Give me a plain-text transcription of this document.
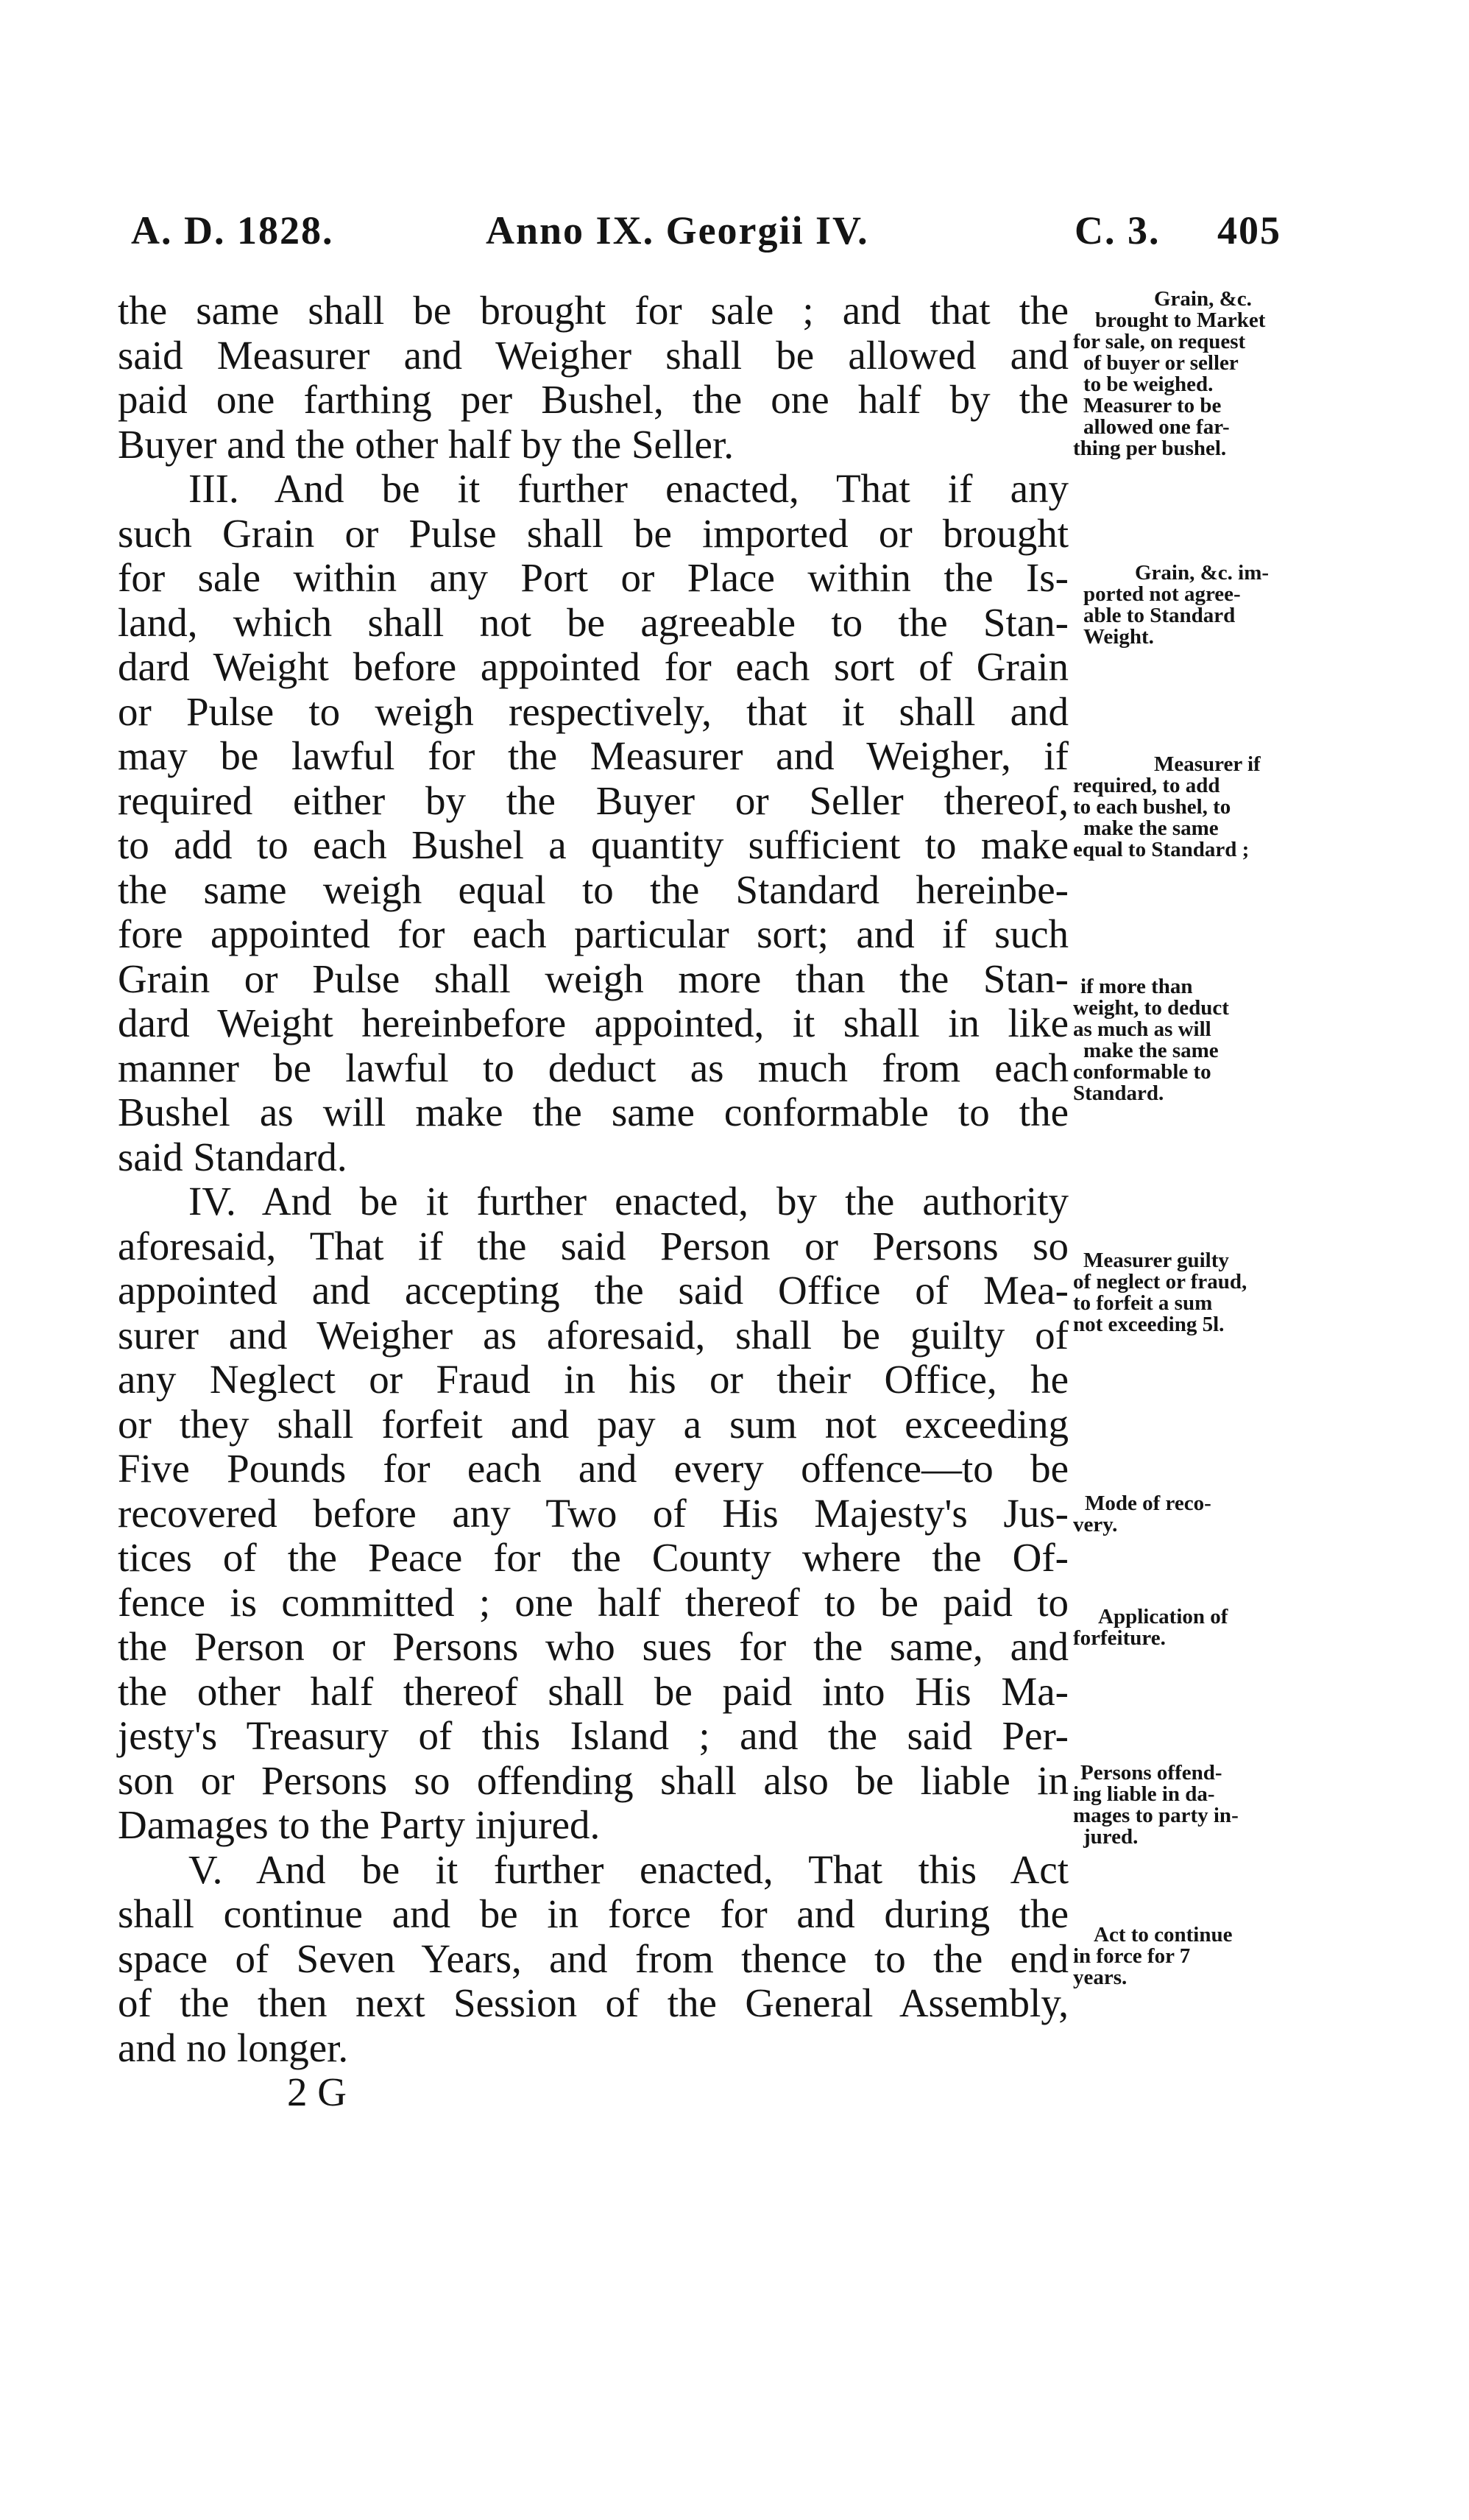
A. D. 1828.	Anno IX. Georgii IV.	C. 3. 405
the same shall be brought for sale ; and that the
said Measurer and Weigher shall be allowed and
paid one farthing per Bushel, the one half by the
Buyer and the other half by the Seller.
III. And be it further enacted, That if any
such Grain or Pulse shall be imported or brought
for sale within any Port or Place within the Is-
land, which shall not be agreeable to the Stan-
dard Weight before appointed for each sort of Grain
or Pulse to weigh respectively, that it shall and
may be lawful for the Measurer and Weigher, if
required either by the Buyer or Seller thereof,
to add to each Bushel a quantity sufficient to make
the same weigh equal to the Standard hereinbe-
fore appointed for each particular sort; and if such
Grain or Pulse shall weigh more than the Stan-
dard Weight hereinbefore appointed, it shall in like
manner be lawful to deduct as much from each
Bushel as will make the same conformable to the
said Standard.
IV. And be it further enacted, by the authority
aforesaid, That if the said Person or Persons so
appointed and accepting the said Office of Mea-
surer and Weigher as aforesaid, shall be guilty of
any Neglect or Fraud in his or their Office, he
or they shall forfeit and pay a sum not exceeding
Five Pounds for each and every offence—to be
recovered before any Two of His Majesty's Jus-
tices of the Peace for the County where the Of-
fence is committed ; one half thereof to be paid to
the Person or Persons who sues for the same, and
the other half thereof shall be paid into His Ma-
jesty's Treasury of this Island ; and the said Per-
son or Persons so offending shall also be liable in
Damages to the Party injured.
V. And be it further enacted, That this Act
shall continue and be in force for and during the
space of Seven Years, and from thence to the end
of the then next Session of the General Assembly,
and no longer.
2 G
Grain, &c.
brought to Market
for sale, on request
of buyer or seller
to be weighed.
Measurer to be
allowed one far-
thing per bushel.
Grain, &c. im-
ported not agree-
able to Standard
Weight.
Measurer if
required, to add
to each bushel, to
make the same
equal to Standard ;
if more than
weight, to deduct
as much as will
make the same
conformable to
Standard.
Measurer guilty
of neglect or fraud,
to forfeit a sum
not exceeding 5l.
Mode of reco-
very.
Application of
forfeiture.
Persons offend-
ing liable in da-
mages to party in-
jured.
Act to continue
in force for 7
years.
